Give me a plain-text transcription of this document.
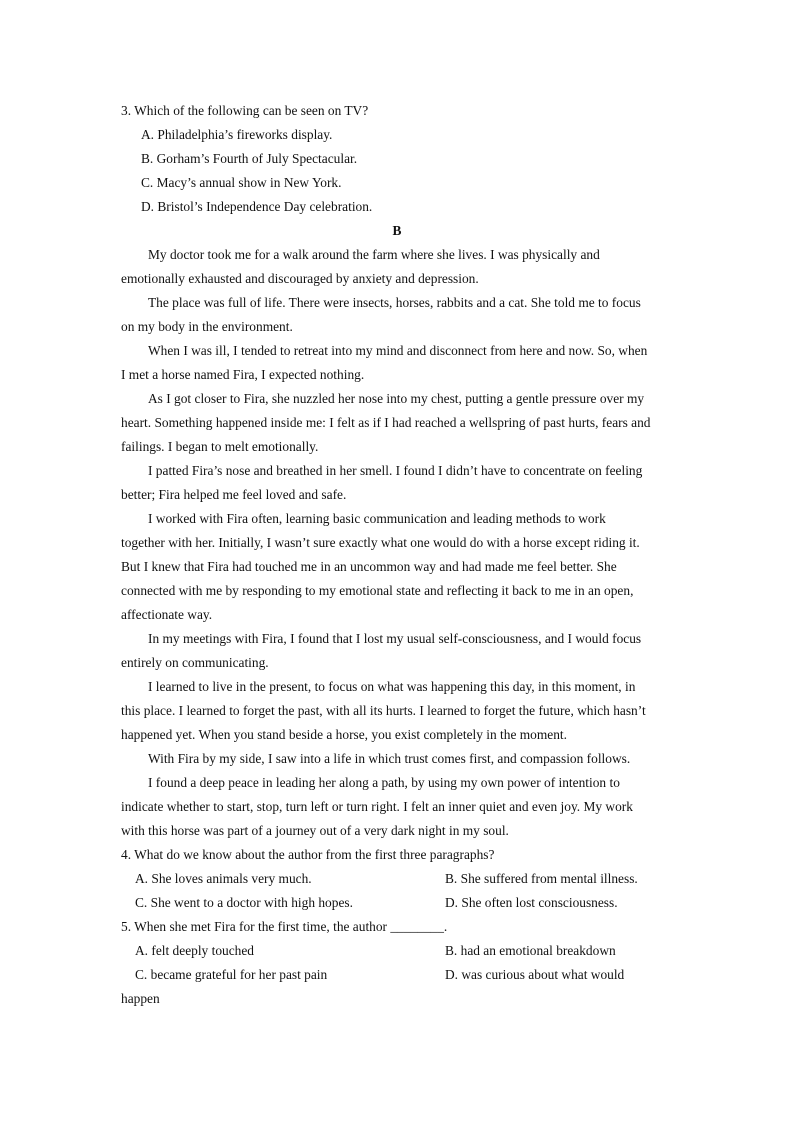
3. Which of the following can be seen on TV?

A. Philadelphia’s fireworks display.

B. Gorham’s Fourth of July Spectacular.

C. Macy’s annual show in New York.

D. Bristol’s Independence Day celebration.

B

My doctor took me for a walk around the farm where she lives. I was physically and

emotionally exhausted and discouraged by anxiety and depression.

The place was full of life. There were insects, horses, rabbits and a cat. She told me to focus

on my body in the environment.

When I was ill, I tended to retreat into my mind and disconnect from here and now. So, when

I met a horse named Fira, I expected nothing.

As I got closer to Fira, she nuzzled her nose into my chest, putting a gentle pressure over my

heart. Something happened inside me: I felt as if I had reached a wellspring of past hurts, fears and

failings. I began to melt emotionally.

I patted Fira’s nose and breathed in her smell. I found I didn’t have to concentrate on feeling

better; Fira helped me feel loved and safe.

I worked with Fira often, learning basic communication and leading methods to work

together with her. Initially, I wasn’t sure exactly what one would do with a horse except riding it.

But I knew that Fira had touched me in an uncommon way and had made me feel better. She

connected with me by responding to my emotional state and reflecting it back to me in an open,

affectionate way.

In my meetings with Fira, I found that I lost my usual self-consciousness, and I would focus

entirely on communicating.

I learned to live in the present, to focus on what was happening this day, in this moment, in

this place. I learned to forget the past, with all its hurts. I learned to forget the future, which hasn’t

happened yet. When you stand beside a horse, you exist completely in the moment.

With Fira by my side, I saw into a life in which trust comes first, and compassion follows.

I found a deep peace in leading her along a path, by using my own power of intention to

indicate whether to start, stop, turn left or turn right. I felt an inner quiet and even joy. My work

with this horse was part of a journey out of a very dark night in my soul.

4. What do we know about the author from the first three paragraphs?

A. She loves animals very much.	B. She suffered from mental illness.

C. She went to a doctor with high hopes.	D. She often lost consciousness.

5. When she met Fira for the first time, the author ________.

A. felt deeply touched	B. had an emotional breakdown

C. became grateful for her past pain	D. was curious about what would

happen
